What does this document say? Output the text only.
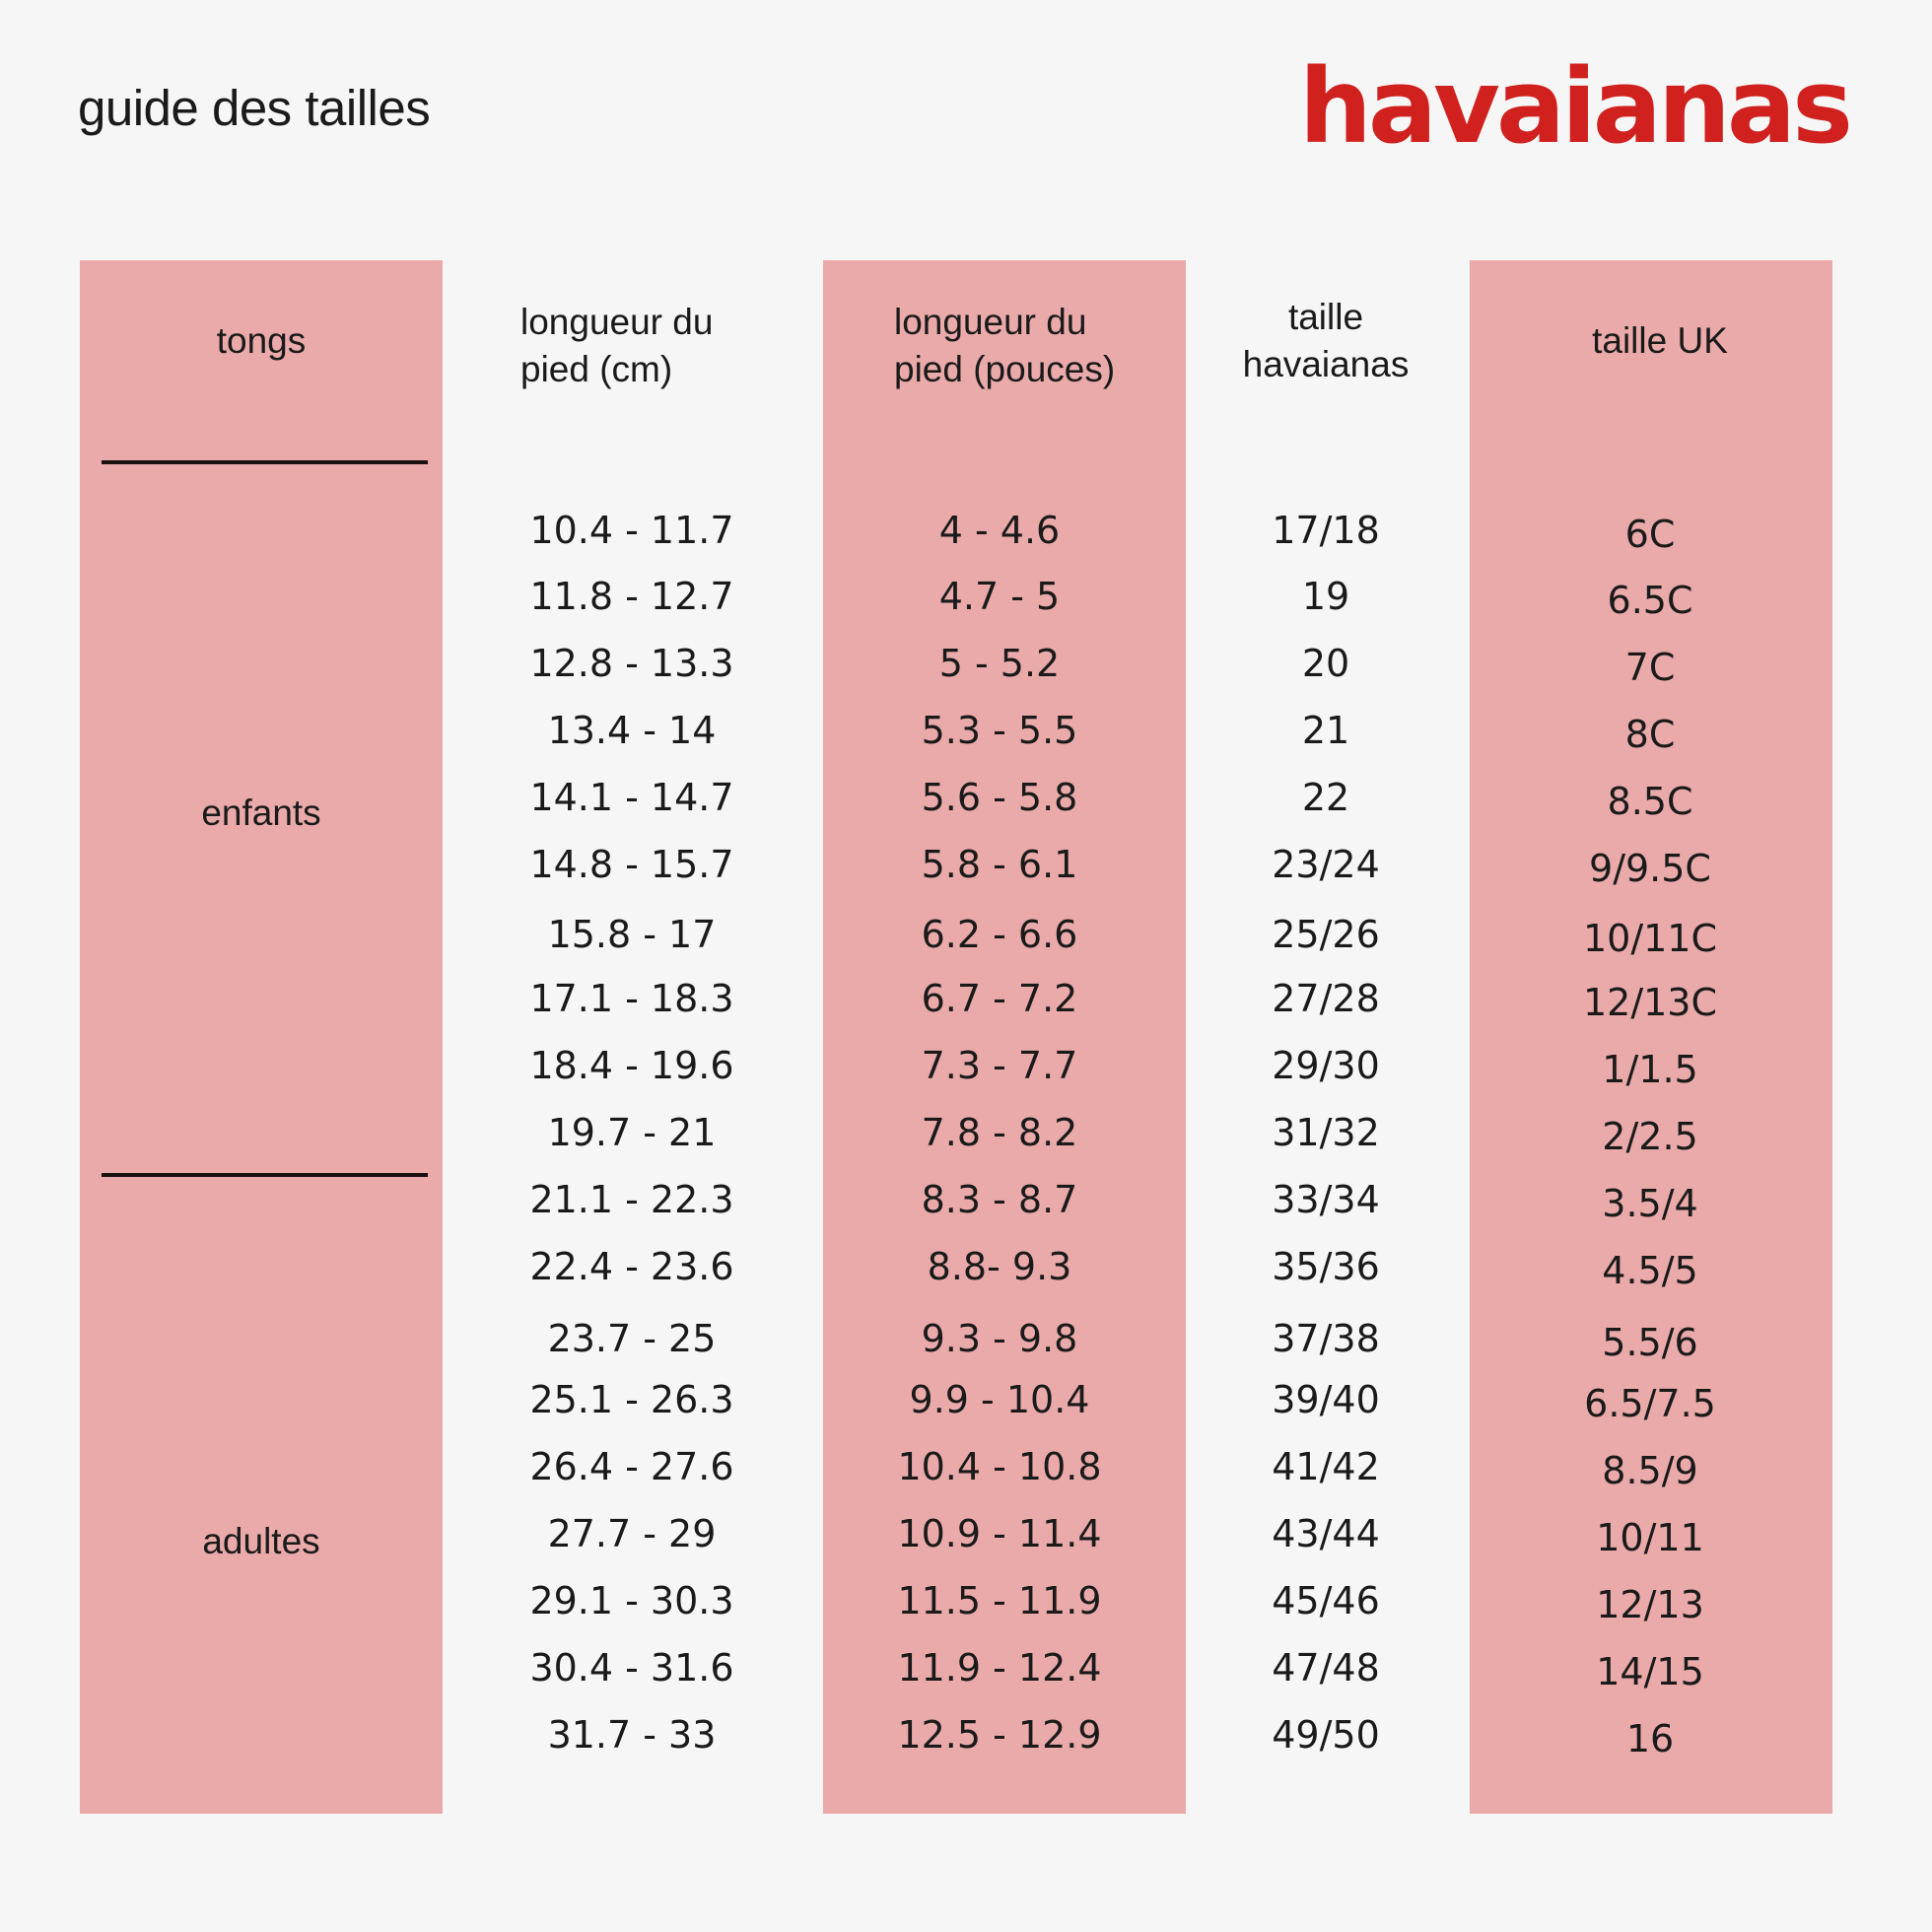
guide des tailles	havaianas
tongs	longueur du
pied (cm)
longueur du
pied (pouces)
taille
havaianas
taille UK
enfants
adultes
10.4 - 11.7
11.8 - 12.7
12.8 - 13.3
13.4 - 14
14.1 - 14.7
14.8 - 15.7
15.8 - 17
17.1 - 18.3
18.4 - 19.6
19.7 - 21
21.1 - 22.3
22.4 - 23.6
23.7 - 25
25.1 - 26.3
26.4 - 27.6
27.7 - 29
29.1 - 30.3
30.4 - 31.6
31.7 - 33
4 - 4.6
4.7 - 5
5 - 5.2
5.3 - 5.5
5.6 - 5.8
5.8 - 6.1
6.2 - 6.6
6.7 - 7.2
7.3 - 7.7
7.8 - 8.2
8.3 - 8.7
8.8- 9.3
9.3 - 9.8
9.9 - 10.4
10.4 - 10.8
10.9 - 11.4
11.5 - 11.9
11.9 - 12.4
12.5 - 12.9
17/18
19
20
21
22
23/24
25/26
27/28
29/30
31/32
33/34
35/36
37/38
39/40
41/42
43/44
45/46
47/48
49/50
6C
6.5C
7C
8C
8.5C
9/9.5C
10/11C
12/13C
1/1.5
2/2.5
3.5/4
4.5/5
5.5/6
6.5/7.5
8.5/9
10/11
12/13
14/15
16
